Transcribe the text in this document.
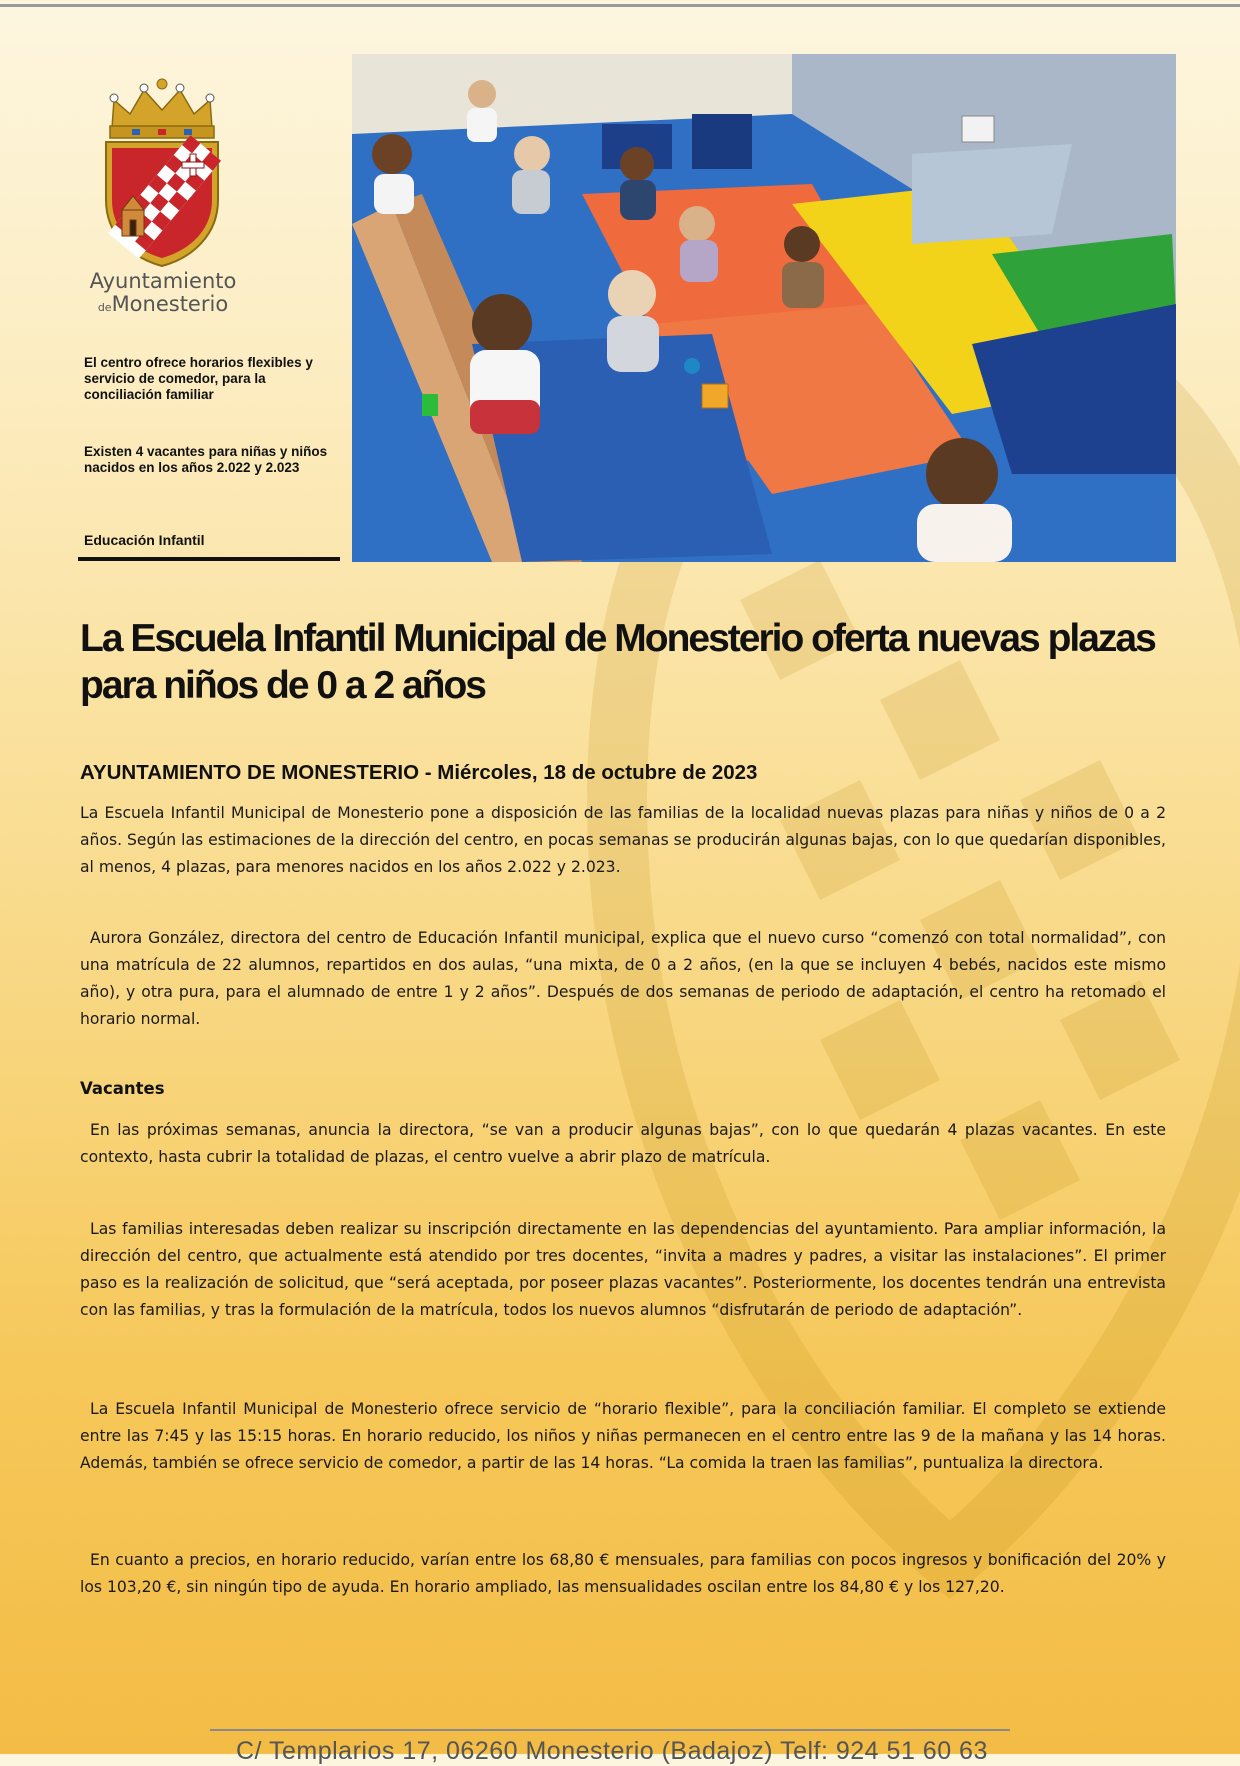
Ayuntamiento
deMonesterio

El centro ofrece horarios flexibles y servicio de comedor, para la conciliación familiar

Existen 4 vacantes para niñas y niños nacidos en los años 2.022 y 2.023

Educación Infantil

La Escuela Infantil Municipal de Monesterio oferta nuevas plazas para niños de 0 a 2 años
AYUNTAMIENTO DE MONESTERIO - Miércoles, 18 de octubre de 2023

La Escuela Infantil Municipal de Monesterio pone a disposición de las familias de la localidad nuevas plazas para niñas y niños de 0 a 2 años. Según las estimaciones de la dirección del centro, en pocas semanas se producirán algunas bajas, con lo que quedarían disponibles, al menos, 4 plazas, para menores nacidos en los años 2.022 y 2.023.

Aurora González, directora del centro de Educación Infantil municipal, explica que el nuevo curso “comenzó con total normalidad”, con una matrícula de 22 alumnos, repartidos en dos aulas, “una mixta, de 0 a 2 años, (en la que se incluyen 4 bebés, nacidos este mismo año), y otra pura, para el alumnado de entre 1 y 2 años”. Después de dos semanas de periodo de adaptación, el centro ha retomado el horario normal.

Vacantes

En las próximas semanas, anuncia la directora, “se van a producir algunas bajas”, con lo que quedarán 4 plazas vacantes. En este contexto, hasta cubrir la totalidad de plazas, el centro vuelve a abrir plazo de matrícula.

Las familias interesadas deben realizar su inscripción directamente en las dependencias del ayuntamiento. Para ampliar información, la dirección del centro, que actualmente está atendido por tres docentes, “invita a madres y padres, a visitar las instalaciones”. El primer paso es la realización de solicitud, que “será aceptada, por poseer plazas vacantes”. Posteriormente, los docentes tendrán una entrevista con las familias, y tras la formulación de la matrícula, todos los nuevos alumnos “disfrutarán de periodo de adaptación”.

La Escuela Infantil Municipal de Monesterio ofrece servicio de “horario flexible”, para la conciliación familiar. El completo se extiende entre las 7:45 y las 15:15 horas. En horario reducido, los niños y niñas permanecen en el centro entre las 9 de la mañana y las 14 horas. Además, también se ofrece servicio de comedor, a partir de las 14 horas. “La comida la traen las familias”, puntualiza la directora.

En cuanto a precios, en horario reducido, varían entre los 68,80 € mensuales, para familias con pocos ingresos y bonificación del 20% y los 103,20 €, sin ningún tipo de ayuda. En horario ampliado, las mensualidades oscilan entre los 84,80 € y los 127,20.

C/ Templarios 17, 06260 Monesterio (Badajoz) Telf: 924 51 60 63
